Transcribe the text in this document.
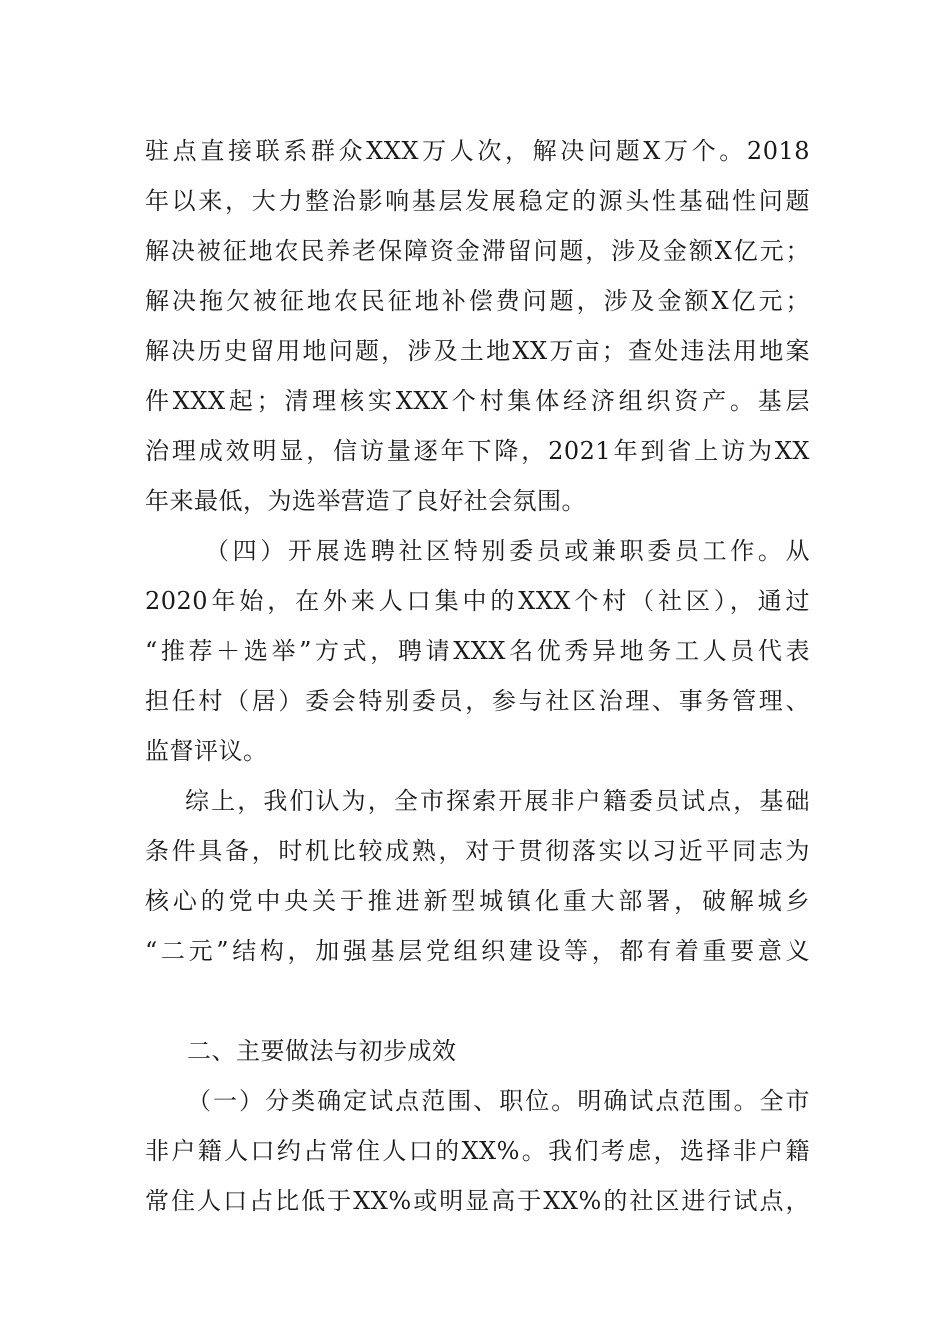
驻点直接联系群众XXX万人次，解决问题X万个。2018

年以来，大力整治影响基层发展稳定的源头性基础性问题

解决被征地农民养老保障资金滞留问题，涉及金额X亿元；

解决拖欠被征地农民征地补偿费问题，涉及金额X亿元；

解决历史留用地问题，涉及土地XX万亩；查处违法用地案

件XXX起；清理核实XXX个村集体经济组织资产。基层

治理成效明显，信访量逐年下降，2021年到省上访为XX

年来最低，为选举营造了良好社会氛围。

（四）开展选聘社区特别委员或兼职委员工作。从

2020年始，在外来人口集中的XXX个村（社区），通过

“推荐＋选举”方式，聘请XXX名优秀异地务工人员代表

担任村（居）委会特别委员，参与社区治理、事务管理、

监督评议。

综上，我们认为，全市探索开展非户籍委员试点，基础

条件具备，时机比较成熟，对于贯彻落实以习近平同志为

核心的党中央关于推进新型城镇化重大部署，破解城乡

“二元”结构，加强基层党组织建设等，都有着重要意义

二、主要做法与初步成效

（一）分类确定试点范围、职位。明确试点范围。全市

非户籍人口约占常住人口的XX%。我们考虑，选择非户籍

常住人口占比低于XX%或明显高于XX%的社区进行试点，
